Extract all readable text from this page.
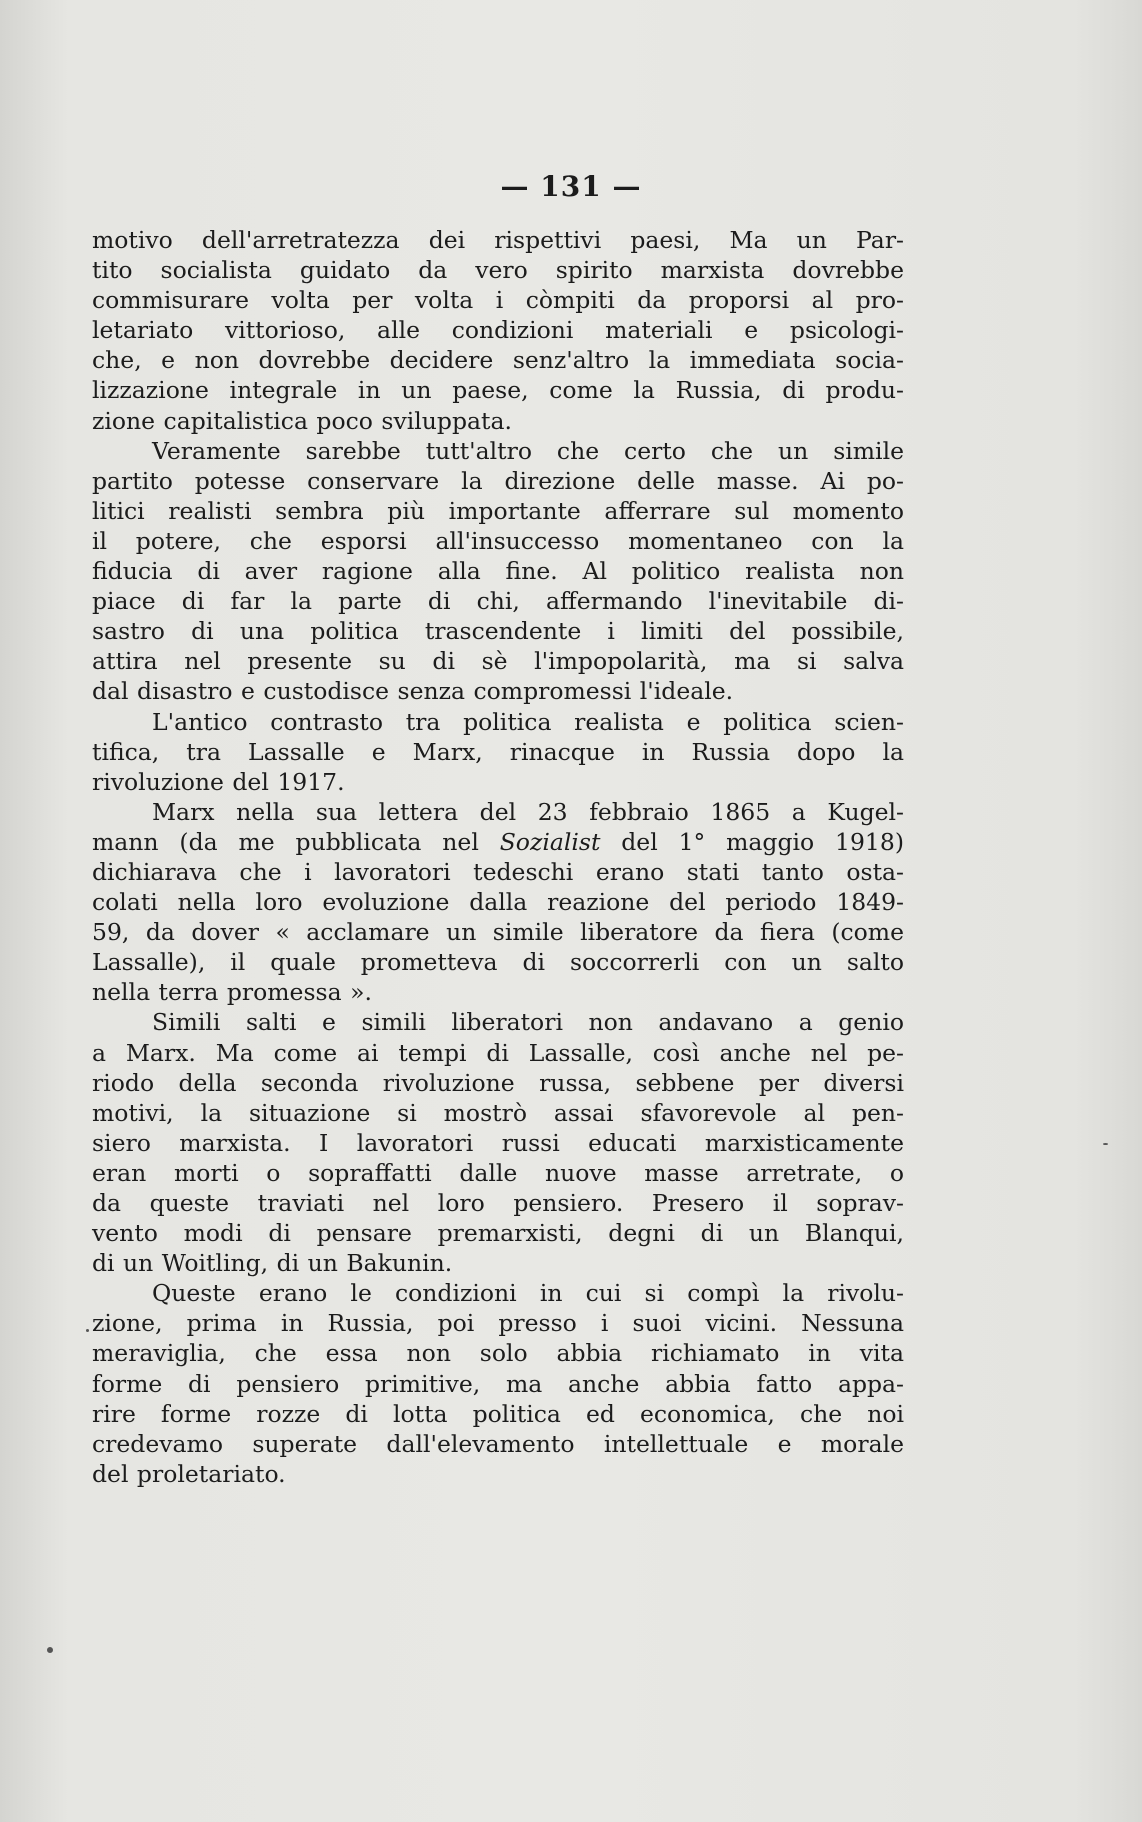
— 131 —
motivo dell'arretratezza dei rispettivi paesi, Ma un Par-
tito socialista guidato da vero spirito marxista dovrebbe
commisurare volta per volta i còmpiti da proporsi al pro-
letariato vittorioso, alle condizioni materiali e psicologi-
che, e non dovrebbe decidere senz'altro la immediata socia-
lizzazione integrale in un paese, come la Russia, di produ-
zione capitalistica poco sviluppata.
Veramente sarebbe tutt'altro che certo che un simile
partito potesse conservare la direzione delle masse. Ai po-
litici realisti sembra più importante afferrare sul momento
il potere, che esporsi all'insuccesso momentaneo con la
fiducia di aver ragione alla fine. Al politico realista non
piace di far la parte di chi, affermando l'inevitabile di-
sastro di una politica trascendente i limiti del possibile,
attira nel presente su di sè l'impopolarità, ma si salva
dal disastro e custodisce senza compromessi l'ideale.
L'antico contrasto tra politica realista e politica scien-
tifica, tra Lassalle e Marx, rinacque in Russia dopo la
rivoluzione del 1917.
Marx nella sua lettera del 23 febbraio 1865 a Kugel-
mann (da me pubblicata nel Sozialist del 1° maggio 1918)
dichiarava che i lavoratori tedeschi erano stati tanto osta-
colati nella loro evoluzione dalla reazione del periodo 1849-
59, da dover « acclamare un simile liberatore da fiera (come
Lassalle), il quale prometteva di soccorrerli con un salto
nella terra promessa ».
Simili salti e simili liberatori non andavano a genio
a Marx. Ma come ai tempi di Lassalle, così anche nel pe-
riodo della seconda rivoluzione russa, sebbene per diversi
motivi, la situazione si mostrò assai sfavorevole al pen-
siero marxista. I lavoratori russi educati marxisticamente
eran morti o sopraffatti dalle nuove masse arretrate, o
da queste traviati nel loro pensiero. Presero il soprav-
vento modi di pensare premarxisti, degni di un Blanqui,
di un Woitling, di un Bakunin.
Queste erano le condizioni in cui si compì la rivolu-
zione, prima in Russia, poi presso i suoi vicini. Nessuna
meraviglia, che essa non solo abbia richiamato in vita
forme di pensiero primitive, ma anche abbia fatto appa-
rire forme rozze di lotta politica ed economica, che noi
credevamo superate dall'elevamento intellettuale e morale
del proletariato.
